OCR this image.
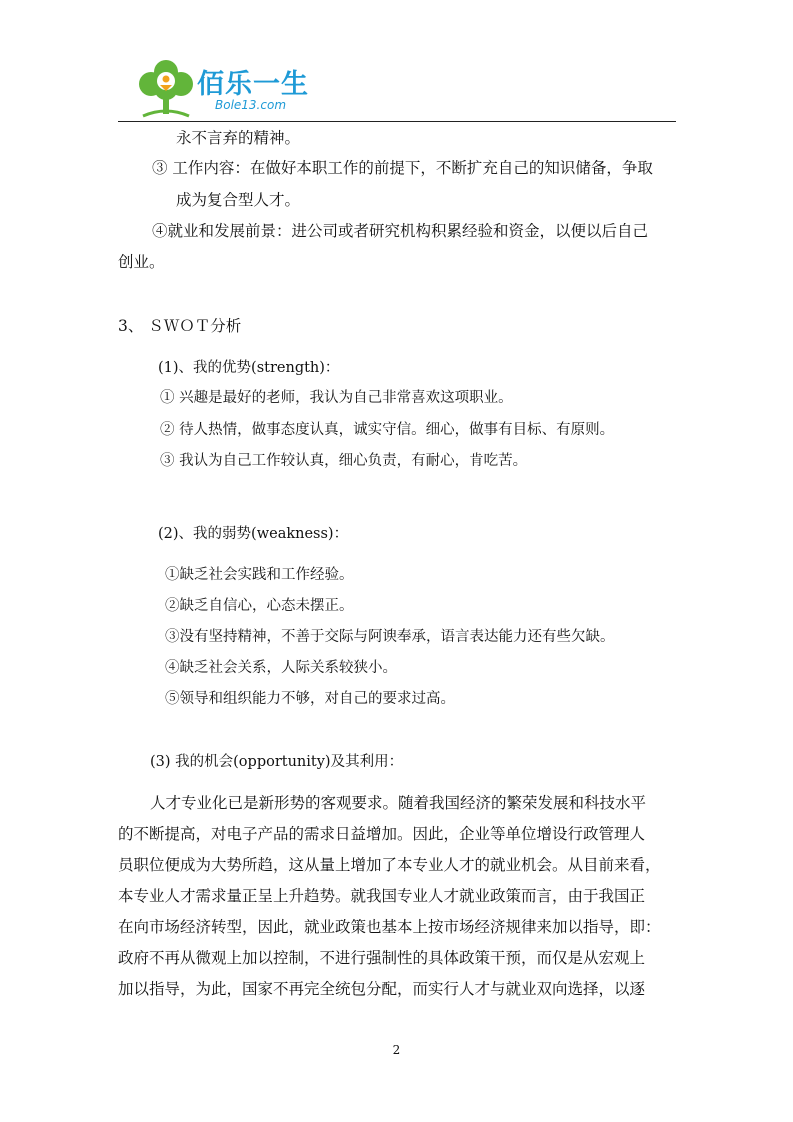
佰乐一生
Bole13.com
永不言弃的精神。
③ 工作内容：在做好本职工作的前提下，不断扩充自己的知识储备，争取
成为复合型人才。
④就业和发展前景：进公司或者研究机构积累经验和资金，以便以后自己
创业。
3、 ＳＷＯＴ分析
(1)、我的优势(strength)：
① 兴趣是最好的老师，我认为自己非常喜欢这项职业。
② 待人热情，做事态度认真，诚实守信。细心，做事有目标、有原则。
③ 我认为自己工作较认真，细心负责，有耐心，肯吃苦。
(2)、我的弱势(weakness)：
①缺乏社会实践和工作经验。
②缺乏自信心，心态未摆正。
③没有坚持精神，不善于交际与阿谀奉承，语言表达能力还有些欠缺。
④缺乏社会关系，人际关系较狭小。
⑤领导和组织能力不够，对自己的要求过高。
(3) 我的机会(opportunity)及其利用：
人才专业化已是新形势的客观要求。随着我国经济的繁荣发展和科技水平
的不断提高，对电子产品的需求日益增加。因此，企业等单位增设行政管理人
员职位便成为大势所趋，这从量上增加了本专业人才的就业机会。从目前来看，
本专业人才需求量正呈上升趋势。就我国专业人才就业政策而言，由于我国正
在向市场经济转型，因此，就业政策也基本上按市场经济规律来加以指导，即：
政府不再从微观上加以控制，不进行强制性的具体政策干预，而仅是从宏观上
加以指导，为此，国家不再完全统包分配，而实行人才与就业双向选择，以逐
2
